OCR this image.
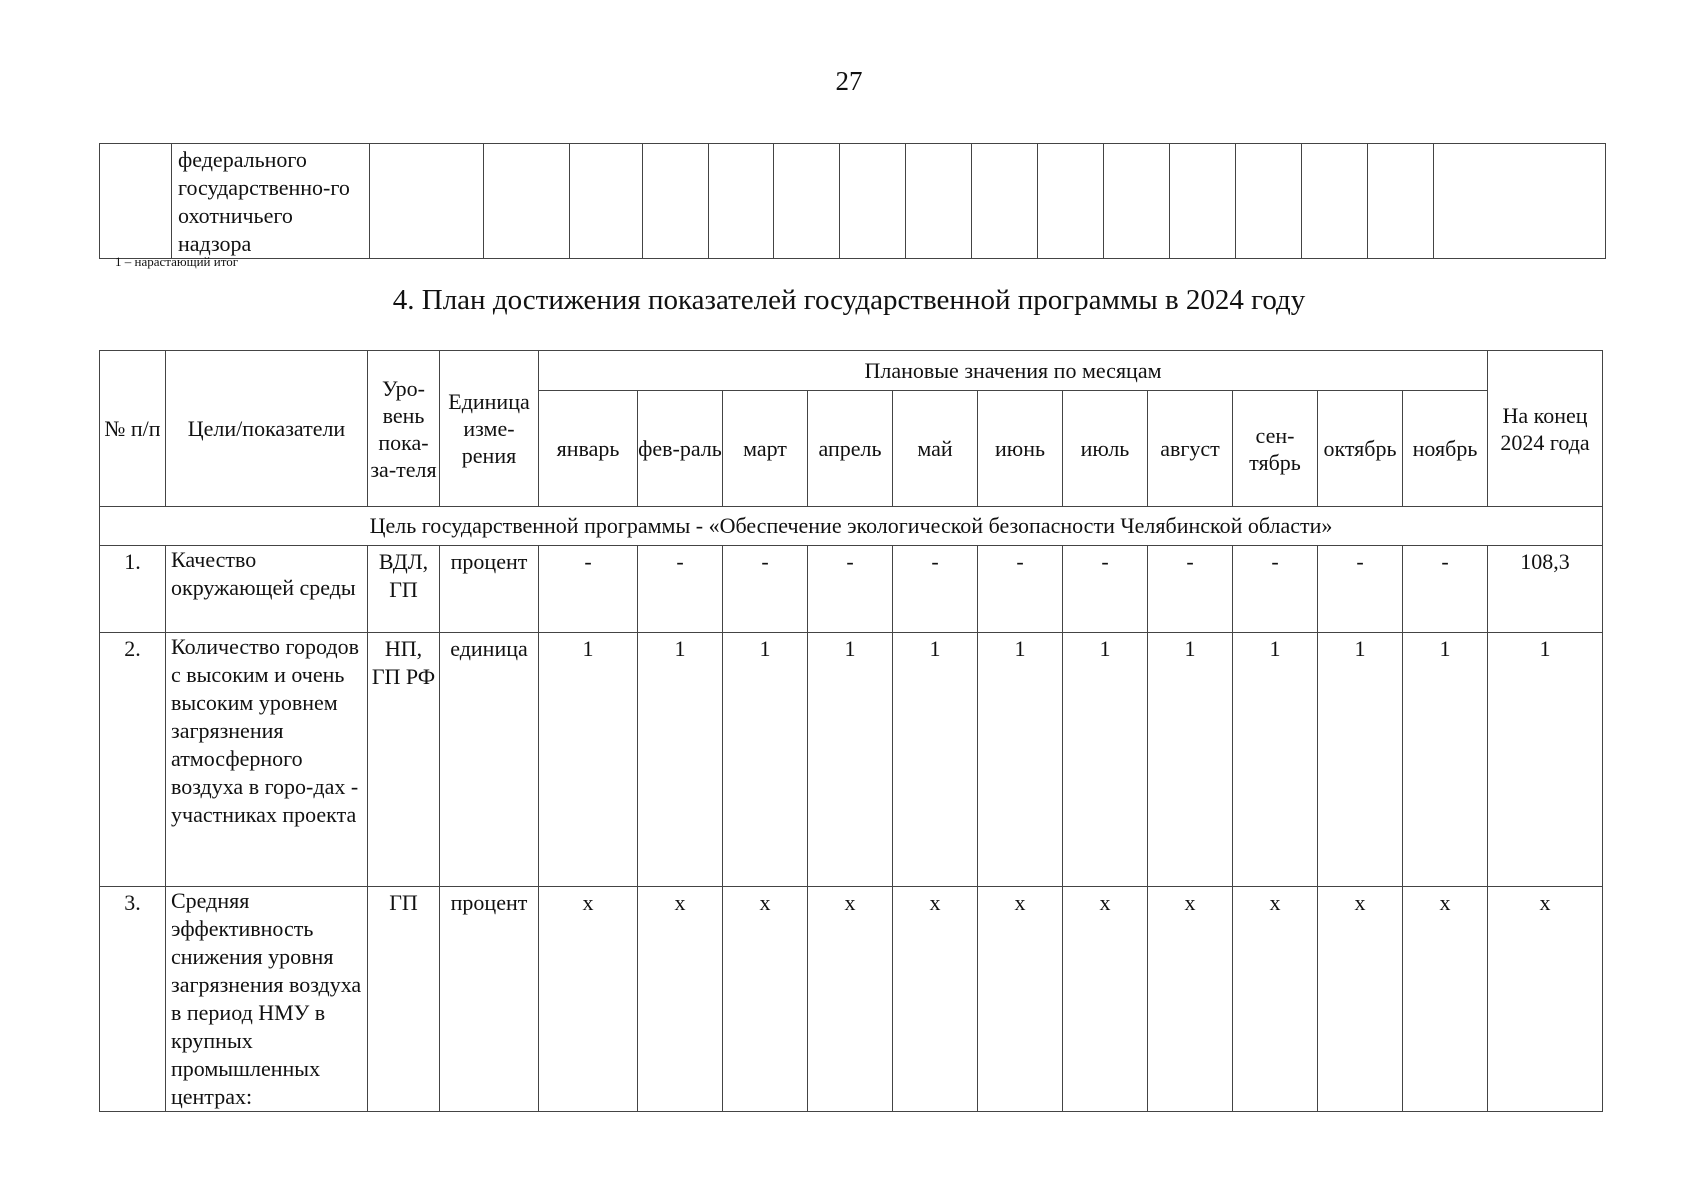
27
	федерального государственно-го охотничьего надзора																
1 – нарастающий итог
4. План достижения показателей государственной программы в 2024 году
№ п/п	Цели/показатели	Уро-вень пока-за-теля	Единица изме-рения	Плановые значения по месяцам											На конец 2024 года
				январь	фев-раль	март	апрель	май	июнь	июль	август	сен-тябрь	октябрь	ноябрь	
Цель государственной программы - «Обеспечение экологической безопасности Челябинской области»															
1.	Качество окружающей среды	ВДЛ, ГП	процент	-	-	-	-	-	-	-	-	-	-	-	108,3
2.	Количество городов с высоким и очень высоким уровнем загрязнения атмосферного воздуха в горо-дах - участниках проекта	НП, ГП РФ	единица	1	1	1	1	1	1	1	1	1	1	1	1
3.	Средняя эффективность снижения уровня загрязнения воздуха в период НМУ в крупных промышленных центрах:	ГП	процент	х	х	х	х	х	х	х	х	х	х	х	х
